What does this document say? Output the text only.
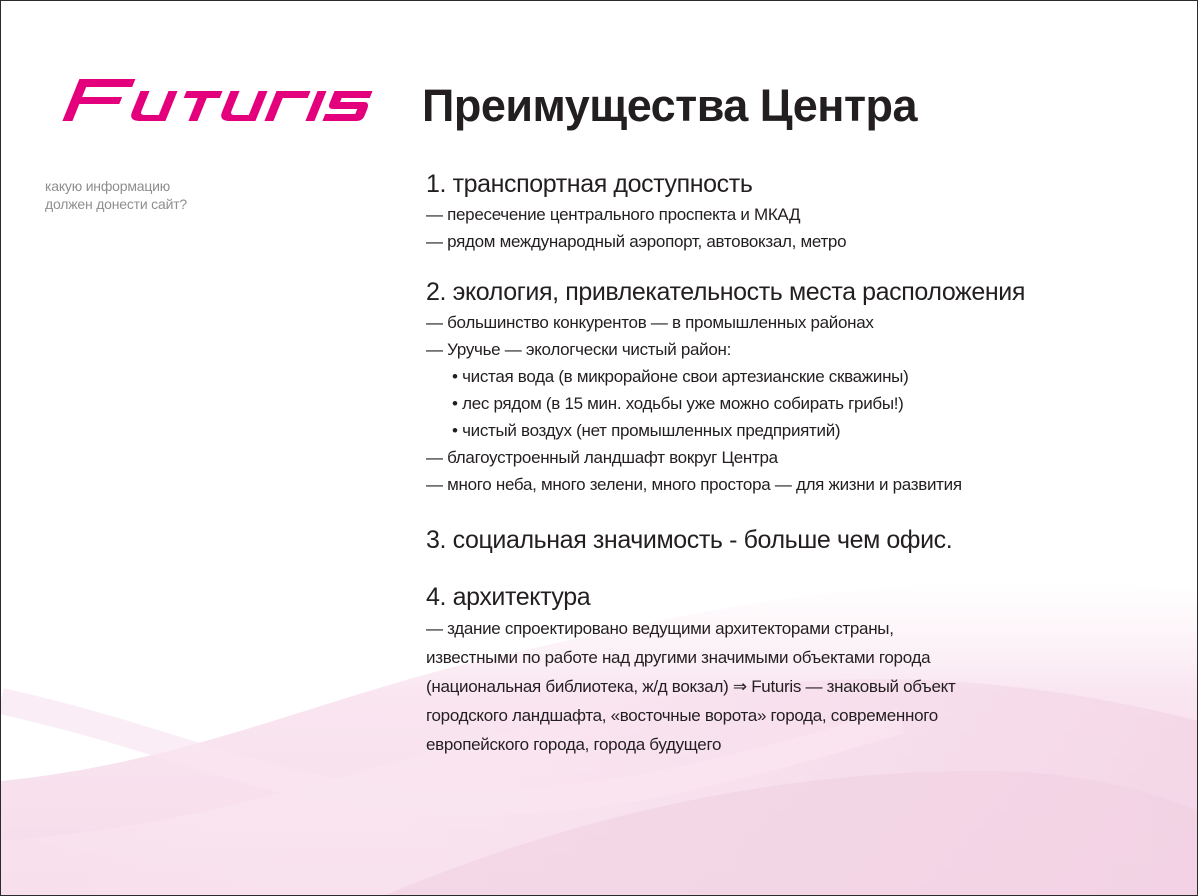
какую информацию
должен донести сайт?
Преимущества Центра
1. транспортная доступность
— пересечение центрального проспекта и МКАД
— рядом международный аэропорт, автовокзал, метро
2. экология, привлекательность места расположения
— большинство конкурентов — в промышленных районах
— Уручье — экологчески чистый район:
• чистая вода (в микрорайоне свои артезианские скважины)
• лес рядом (в 15 мин. ходьбы уже можно собирать грибы!)
• чистый воздух (нет промышленных предприятий)
— благоустроенный ландшафт вокруг Центра
— много неба, много зелени, много простора — для жизни и развития
3. социальная значимость - больше чем офис.
4. архитектура
— здание спроектировано ведущими архитекторами страны,
известными по работе над другими значимыми объектами города
(национальная библиотека, ж/д вокзал) ⇒ Futuris — знаковый объект
городского ландшафта, «восточные ворота» города, современного
европейского города, города будущего
